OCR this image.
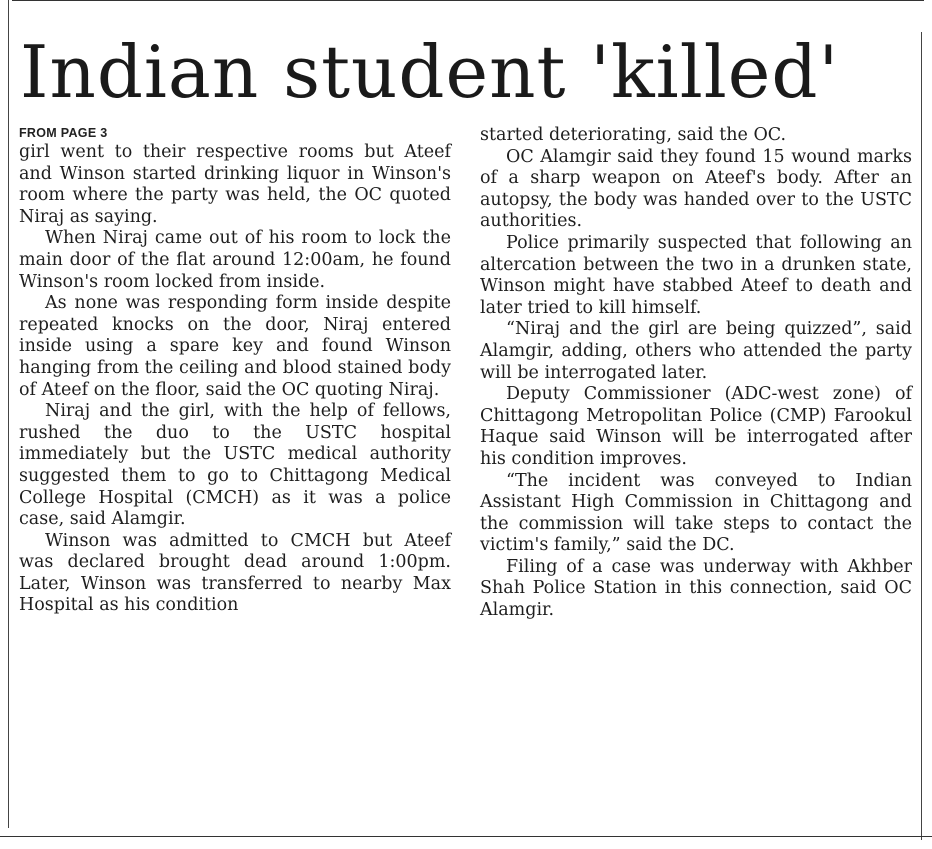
Indian student 'killed'
FROM PAGE 3

girl went to their respective rooms but Ateef and Winson started drinking liquor in Winson's room where the party was held, the OC quoted Niraj as saying.

When Niraj came out of his room to lock the main door of the flat around 12:00am, he found Winson's room locked from inside.

As none was responding form inside despite repeated knocks on the door, Niraj entered inside using a spare key and found Winson hanging from the ceiling and blood stained body of Ateef on the floor, said the OC quoting Niraj.

Niraj and the girl, with the help of fellows, rushed the duo to the USTC hospital immediately but the USTC medical authority suggested them to go to Chittagong Medical College Hospital (CMCH) as it was a police case, said Alamgir.

Winson was admitted to CMCH but Ateef was declared brought dead around 1:00pm. Later, Winson was transferred to nearby Max Hospital as his condition

started deteriorating, said the OC.

OC Alamgir said they found 15 wound marks of a sharp weapon on Ateef's body. After an autopsy, the body was handed over to the USTC authorities.

Police primarily suspected that following an altercation between the two in a drunken state, Winson might have stabbed Ateef to death and later tried to kill himself.

“Niraj and the girl are being quizzed”, said Alamgir, adding, others who attended the party will be interrogated later.

Deputy Commissioner (ADC-west zone) of Chittagong Metropolitan Police (CMP) Farookul Haque said Winson will be interrogated after his condition improves.

“The incident was conveyed to Indian Assistant High Commission in Chittagong and the commission will take steps to contact the victim's family,” said the DC.

Filing of a case was underway with Akhber Shah Police Station in this connection, said OC Alamgir.
